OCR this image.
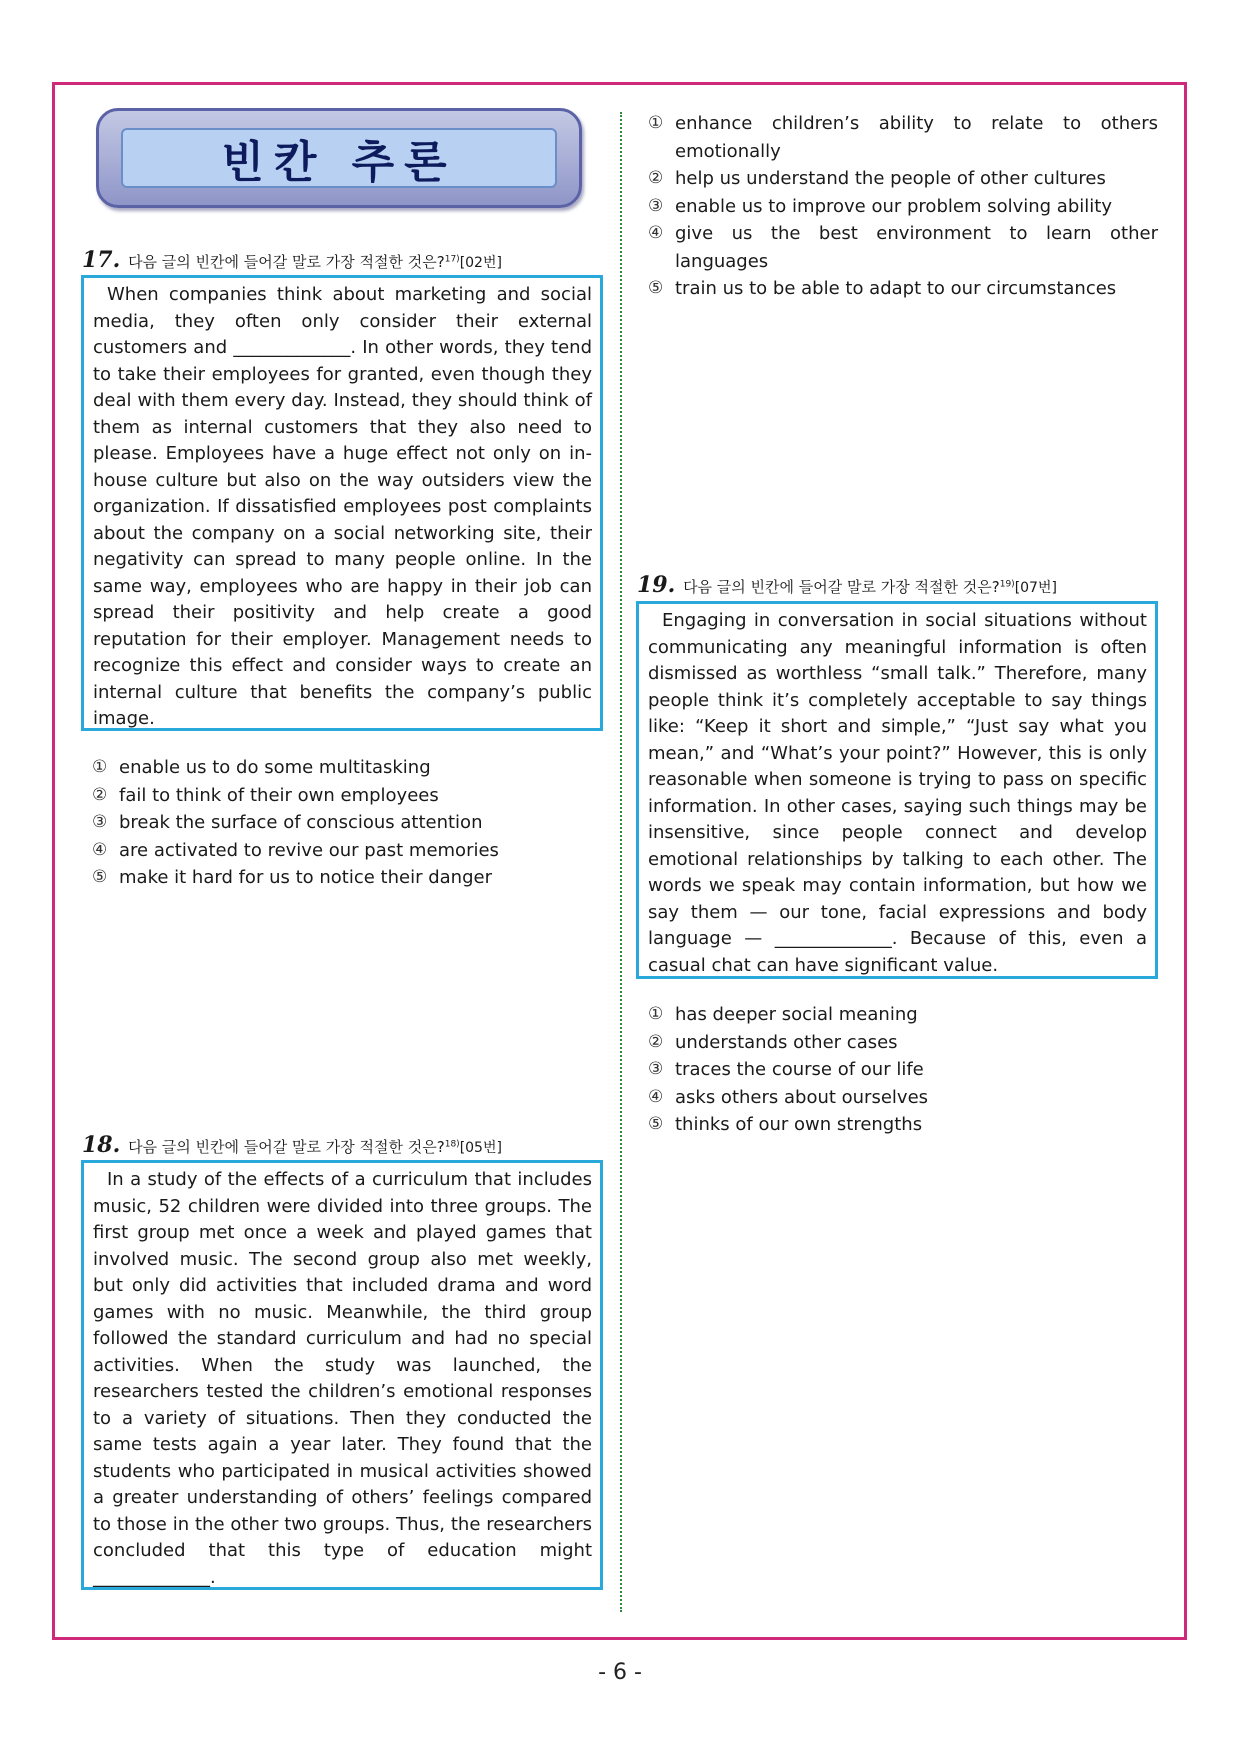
빈칸 추론
17. 다음 글의 빈칸에 들어갈 말로 가장 적절한 것은?$^{17)}$[02번]
When companies think about marketing and social media, they often only consider their external customers and _____________. In other words, they tend to take their employees for granted, even though they deal with them every day. Instead, they should think of them as internal customers that they also need to please. Employees have a huge effect not only on in-house culture but also on the way outsiders view the organization. If dissatisfied employees post complaints about the company on a social networking site, their negativity can spread to many people online. In the same way, employees who are happy in their job can spread their positivity and help create a good reputation for their employer. Management needs to recognize this effect and consider ways to create an internal culture that benefits the company’s public image.
① enable us to do some multitasking
② fail to think of their own employees
③ break the surface of conscious attention
④ are activated to revive our past memories
⑤ make it hard for us to notice their danger
18. 다음 글의 빈칸에 들어갈 말로 가장 적절한 것은?$^{18)}$[05번]
In a study of the effects of a curriculum that includes music, 52 children were divided into three groups. The first group met once a week and played games that involved music. The second group also met weekly, but only did activities that included drama and word games with no music. Meanwhile, the third group followed the standard curriculum and had no special activities. When the study was launched, the researchers tested the children’s emotional responses to a variety of situations. Then they conducted the same tests again a year later. They found that the students who participated in musical activities showed a greater understanding of others’ feelings compared to those in the other two groups. Thus, the researchers concluded that this type of education might _____________.
① enhance children’s ability to relate to others emotionally
② help us understand the people of other cultures
③ enable us to improve our problem solving ability
④ give us the best environment to learn other languages
⑤ train us to be able to adapt to our circumstances
19. 다음 글의 빈칸에 들어갈 말로 가장 적절한 것은?$^{19)}$[07번]
Engaging in conversation in social situations without communicating any meaningful information is often dismissed as worthless “small talk.” Therefore, many people think it’s completely acceptable to say things like: “Keep it short and simple,” “Just say what you mean,” and “What’s your point?” However, this is only reasonable when someone is trying to pass on specific information. In other cases, saying such things may be insensitive, since people connect and develop emotional relationships by talking to each other. The words we speak may contain information, but how we say them — our tone, facial expressions and body language — _____________. Because of this, even a casual chat can have significant value.
① has deeper social meaning
② understands other cases
③ traces the course of our life
④ asks others about ourselves
⑤ thinks of our own strengths
- 6 -
